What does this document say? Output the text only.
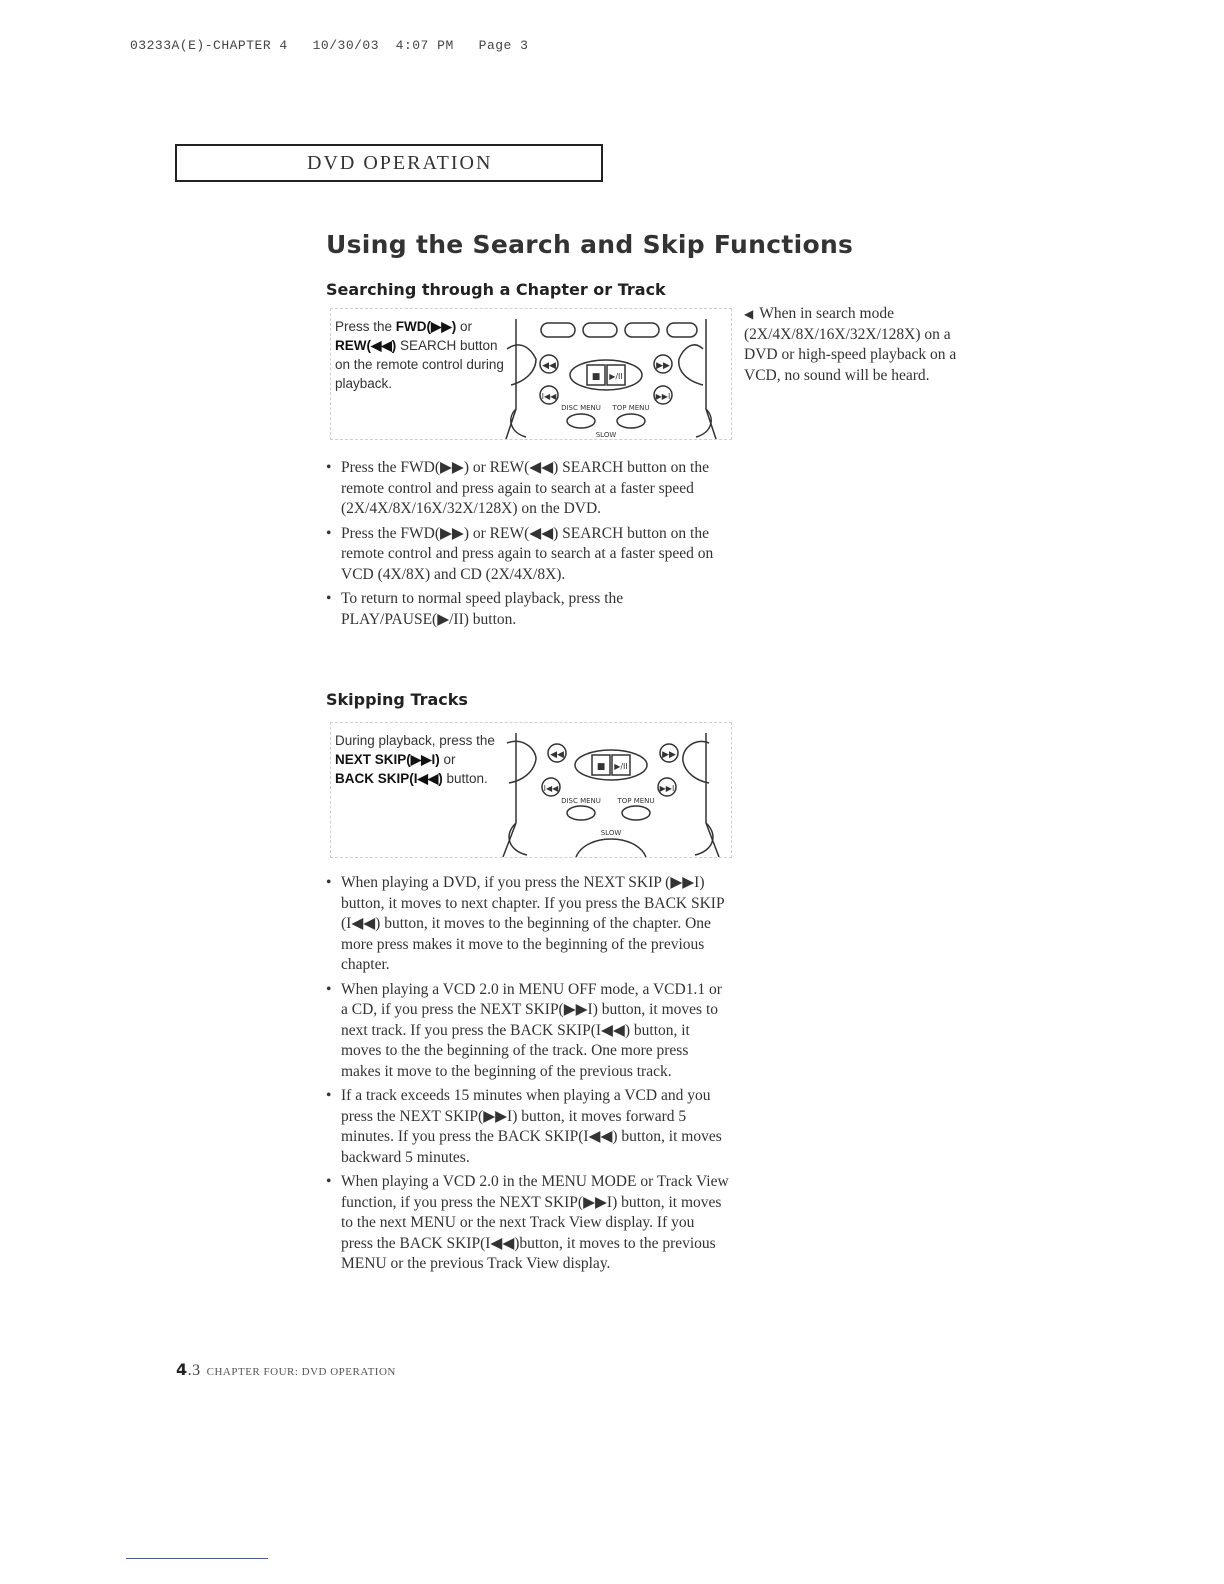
03233A(E)-CHAPTER 4   10/30/03  4:07 PM   Page 3
DVD OPERATION
Using the Search and Skip Functions
Searching through a Chapter or Track
◀◀	▶▶
I◀◀	▶▶I
■ ▶/II
DISC MENU TOP MENU
SLOW
Press the FWD(▶▶) or REW(◀◀) SEARCH button on the remote control during playback.
◀ When in search mode (2X/4X/8X/16X/32X/128X) on a DVD or high-speed playback on a VCD, no sound will be heard.
• Press the FWD(▶▶) or REW(◀◀) SEARCH button on the remote control and press again to search at a faster speed (2X/4X/8X/16X/32X/128X) on the DVD.
• Press the FWD(▶▶) or REW(◀◀) SEARCH button on the remote control and press again to search at a faster speed on VCD (4X/8X) and CD (2X/4X/8X).
• To return to normal speed playback, press the PLAY/PAUSE(▶/II) button.
Skipping Tracks
◀◀	▶▶
I◀◀	▶▶I
■ ▶/II
DISC MENU TOP MENU
SLOW
During playback, press the NEXT SKIP(▶▶I) or BACK SKIP(I◀◀) button.
• When playing a DVD, if you press the NEXT SKIP (▶▶I) button, it moves to next chapter. If you press the BACK SKIP (I◀◀) button, it moves to the beginning of the chapter. One more press makes it move to the beginning of the previous chapter.
• When playing a VCD 2.0 in MENU OFF mode, a VCD1.1 or a CD, if you press the NEXT SKIP(▶▶I) button, it moves to next track. If you press the BACK SKIP(I◀◀) button, it moves to the the beginning of the track. One more press makes it move to the beginning of the previous track.
• If a track exceeds 15 minutes when playing a VCD and you press the NEXT SKIP(▶▶I) button, it moves forward 5 minutes. If you press the BACK SKIP(I◀◀) button, it moves backward 5 minutes.
• When playing a VCD 2.0 in the MENU MODE or Track View function, if you press the NEXT SKIP(▶▶I) button, it moves to the next MENU or the next Track View display. If you press the BACK SKIP(I◀◀)button, it moves to the previous MENU or the previous Track View display.
4.3 CHAPTER FOUR: DVD OPERATION
